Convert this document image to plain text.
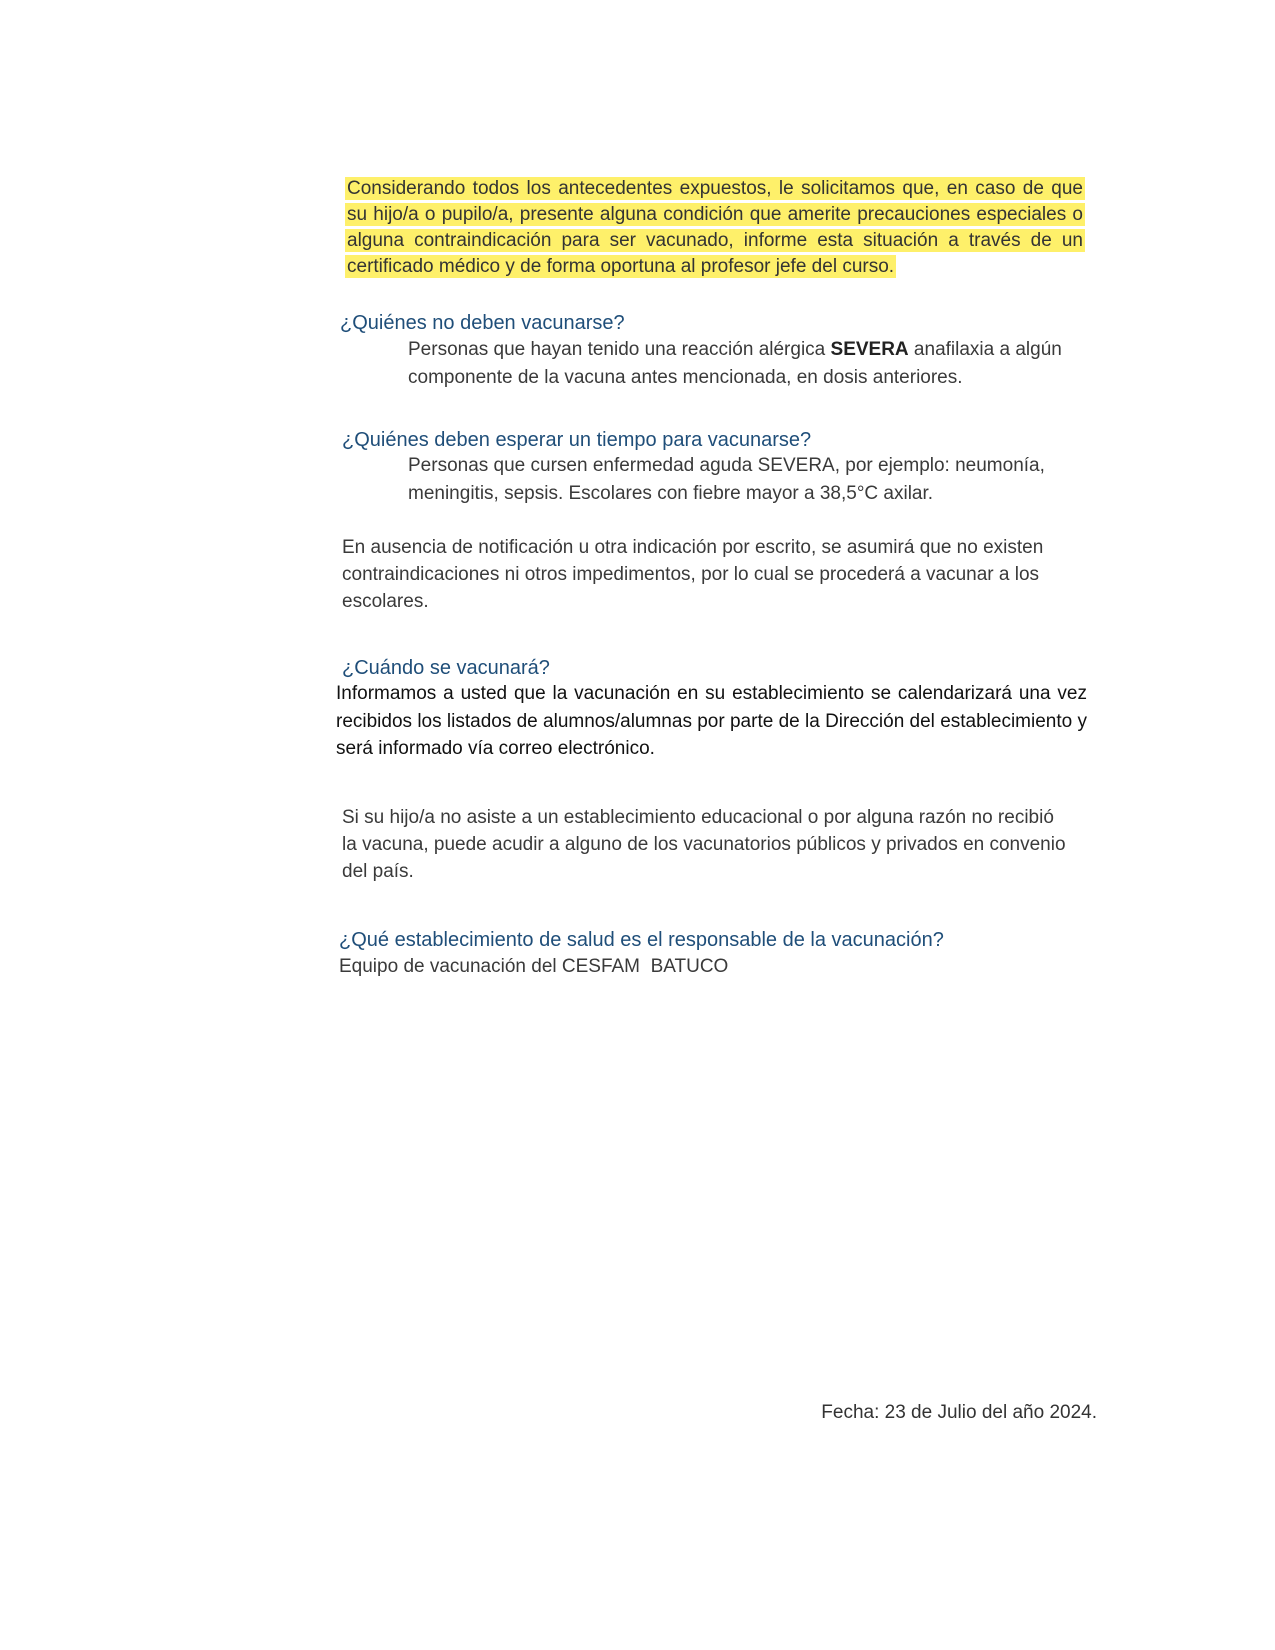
Considerando todos los antecedentes expuestos, le solicitamos que, en caso de que su hijo/a o pupilo/a, presente alguna condición que amerite precauciones especiales o alguna contraindicación para ser vacunado, informe esta situación a través de un certificado médico y de forma oportuna al profesor jefe del curso.

¿Quiénes no deben vacunarse?

Personas que hayan tenido una reacción alérgica SEVERA anafilaxia a algún componente de la vacuna antes mencionada, en dosis anteriores.

¿Quiénes deben esperar un tiempo para vacunarse?

Personas que cursen enfermedad aguda SEVERA, por ejemplo: neumonía, meningitis, sepsis. Escolares con fiebre mayor a 38,5°C axilar.

En ausencia de notificación u otra indicación por escrito, se asumirá que no existen contraindicaciones ni otros impedimentos, por lo cual se procederá a vacunar a los escolares.

¿Cuándo se vacunará?

Informamos a usted que la vacunación en su establecimiento se calendarizará una vez recibidos los listados de alumnos/alumnas por parte de la Dirección del establecimiento y será informado vía correo electrónico.

Si su hijo/a no asiste a un establecimiento educacional o por alguna razón no recibió la vacuna, puede acudir a alguno de los vacunatorios públicos y privados en convenio del país.

¿Qué establecimiento de salud es el responsable de la vacunación?

Equipo de vacunación del CESFAM  BATUCO

Fecha: 23 de Julio del año 2024.
